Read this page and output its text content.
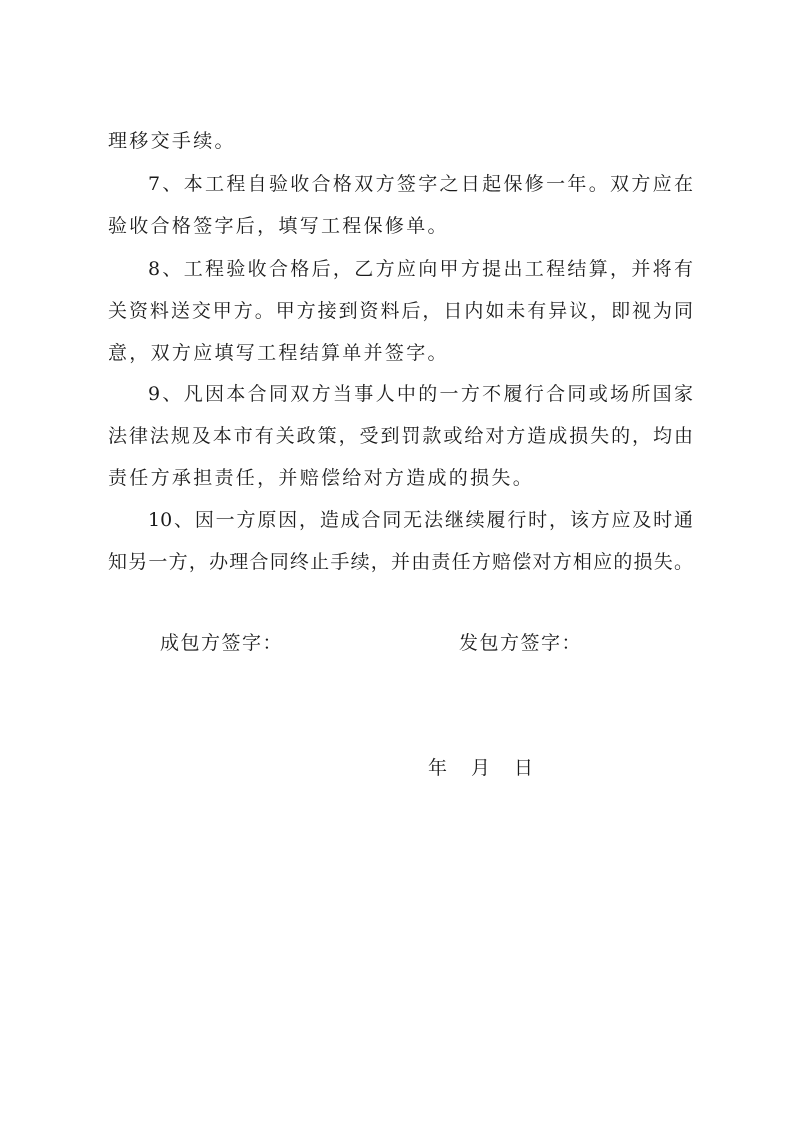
理移交手续。
7、本工程自验收合格双方签字之日起保修一年。双方应在
验收合格签字后，填写工程保修单。
8、工程验收合格后，乙方应向甲方提出工程结算，并将有
关资料送交甲方。甲方接到资料后，日内如未有异议，即视为同
意，双方应填写工程结算单并签字。
9、凡因本合同双方当事人中的一方不履行合同或场所国家
法律法规及本市有关政策，受到罚款或给对方造成损失的，均由
责任方承担责任，并赔偿给对方造成的损失。
10、因一方原因，造成合同无法继续履行时，该方应及时通
知另一方，办理合同终止手续，并由责任方赔偿对方相应的损失。
成包方签字：	发包方签字：
年 月 日
